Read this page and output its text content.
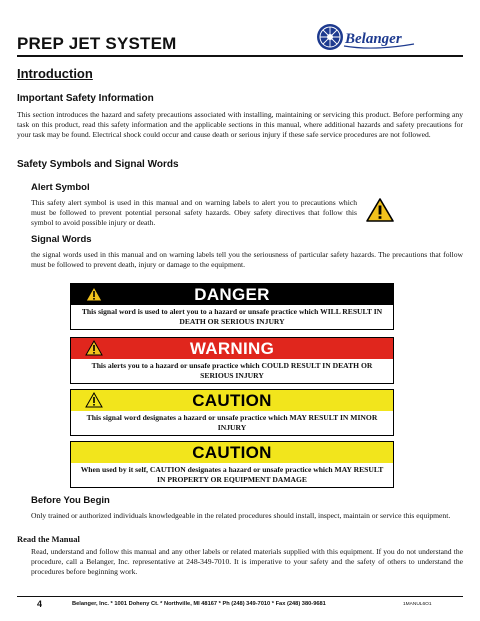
PREP JET SYSTEM	Belanger
Introduction
Important Safety Information
This section introduces the hazard and safety precautions associated with installing, maintaining or servicing this product. Before performing any task on this product, read this safety information and the applicable sections in this manual, where additional hazards and safety precautions for your task may be found. Electrical shock could occur and cause death or serious injury if these safe service procedures are not followed.
Safety Symbols and Signal Words
Alert Symbol
This safety alert symbol is used in this manual and on warning labels to alert you to precautions which must be followed to prevent potential personal safety hazards. Obey safety directives that follow this symbol to avoid possible injury or death.
Signal Words
the signal words used in this manual and on warning labels tell you the seriousness of particular safety hazards. The precautions that follow must be followed to prevent death, injury or damage to the equipment.
DANGER
This signal word is used to alert you to a hazard or unsafe practice which WILL RESULT IN DEATH OR SERIOUS INJURY
WARNING
This alerts you to a hazard or unsafe practice which COULD RESULT IN DEATH OR SERIOUS INJURY
CAUTION
This signal word designates a hazard or unsafe practice which MAY RESULT IN MINOR INJURY
CAUTION
When used by it self, CAUTION designates a hazard or unsafe practice which MAY RESULT IN PROPERTY OR EQUIPMENT DAMAGE
Before You Begin
Only trained or authorized individuals knowledgeable in the related procedures should install, inspect, maintain or service this equipment.
Read the Manual
Read, understand and follow this manual and any other labels or related materials supplied with this equipment. If you do not understand the procedure, call a Belanger, Inc. representative at 248-349-7010. It is imperative to your safety and the safety of others to understand the procedures before beginning work.
4	Belanger, Inc. * 1001 Doheny Ct. * Northville, MI 48167 * Ph (248) 349-7010 * Fax (248) 380-9681	1MANUL6O1
